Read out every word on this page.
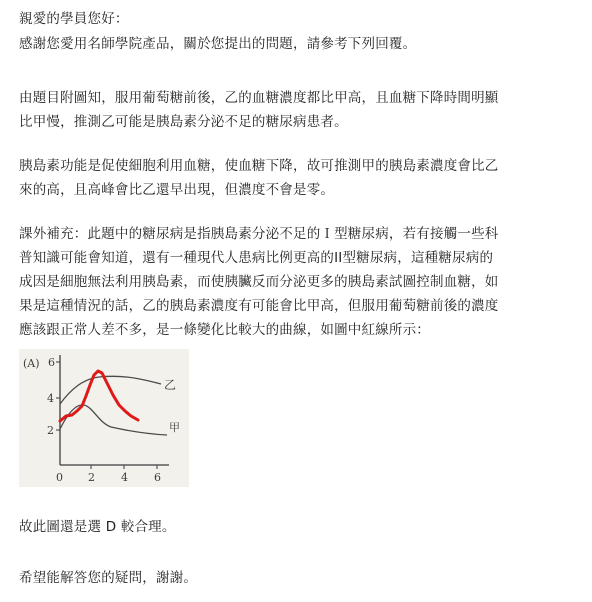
親愛的學員您好：
感謝您愛用名師學院產品，關於您提出的問題，請參考下列回覆。
由題目附圖知，服用葡萄糖前後，乙的血糖濃度都比甲高，且血糖下降時間明顯
比甲慢，推測乙可能是胰島素分泌不足的糖尿病患者。
胰島素功能是促使細胞利用血糖，使血糖下降，故可推測甲的胰島素濃度會比乙
來的高，且高峰會比乙還早出現，但濃度不會是零。
課外補充：此題中的糖尿病是指胰島素分泌不足的Ｉ型糖尿病，若有接觸一些科
普知識可能會知道，還有一種現代人患病比例更高的II型糖尿病，這種糖尿病的
成因是細胞無法利用胰島素，而使胰臟反而分泌更多的胰島素試圖控制血糖，如
果是這種情況的話，乙的胰島素濃度有可能會比甲高，但服用葡萄糖前後的濃度
應該跟正常人差不多，是一條變化比較大的曲線，如圖中紅線所示：
(A) 6
4
2
0 2 4 6
乙
甲
故此圖還是選 D 較合理。
希望能解答您的疑問，謝謝。
